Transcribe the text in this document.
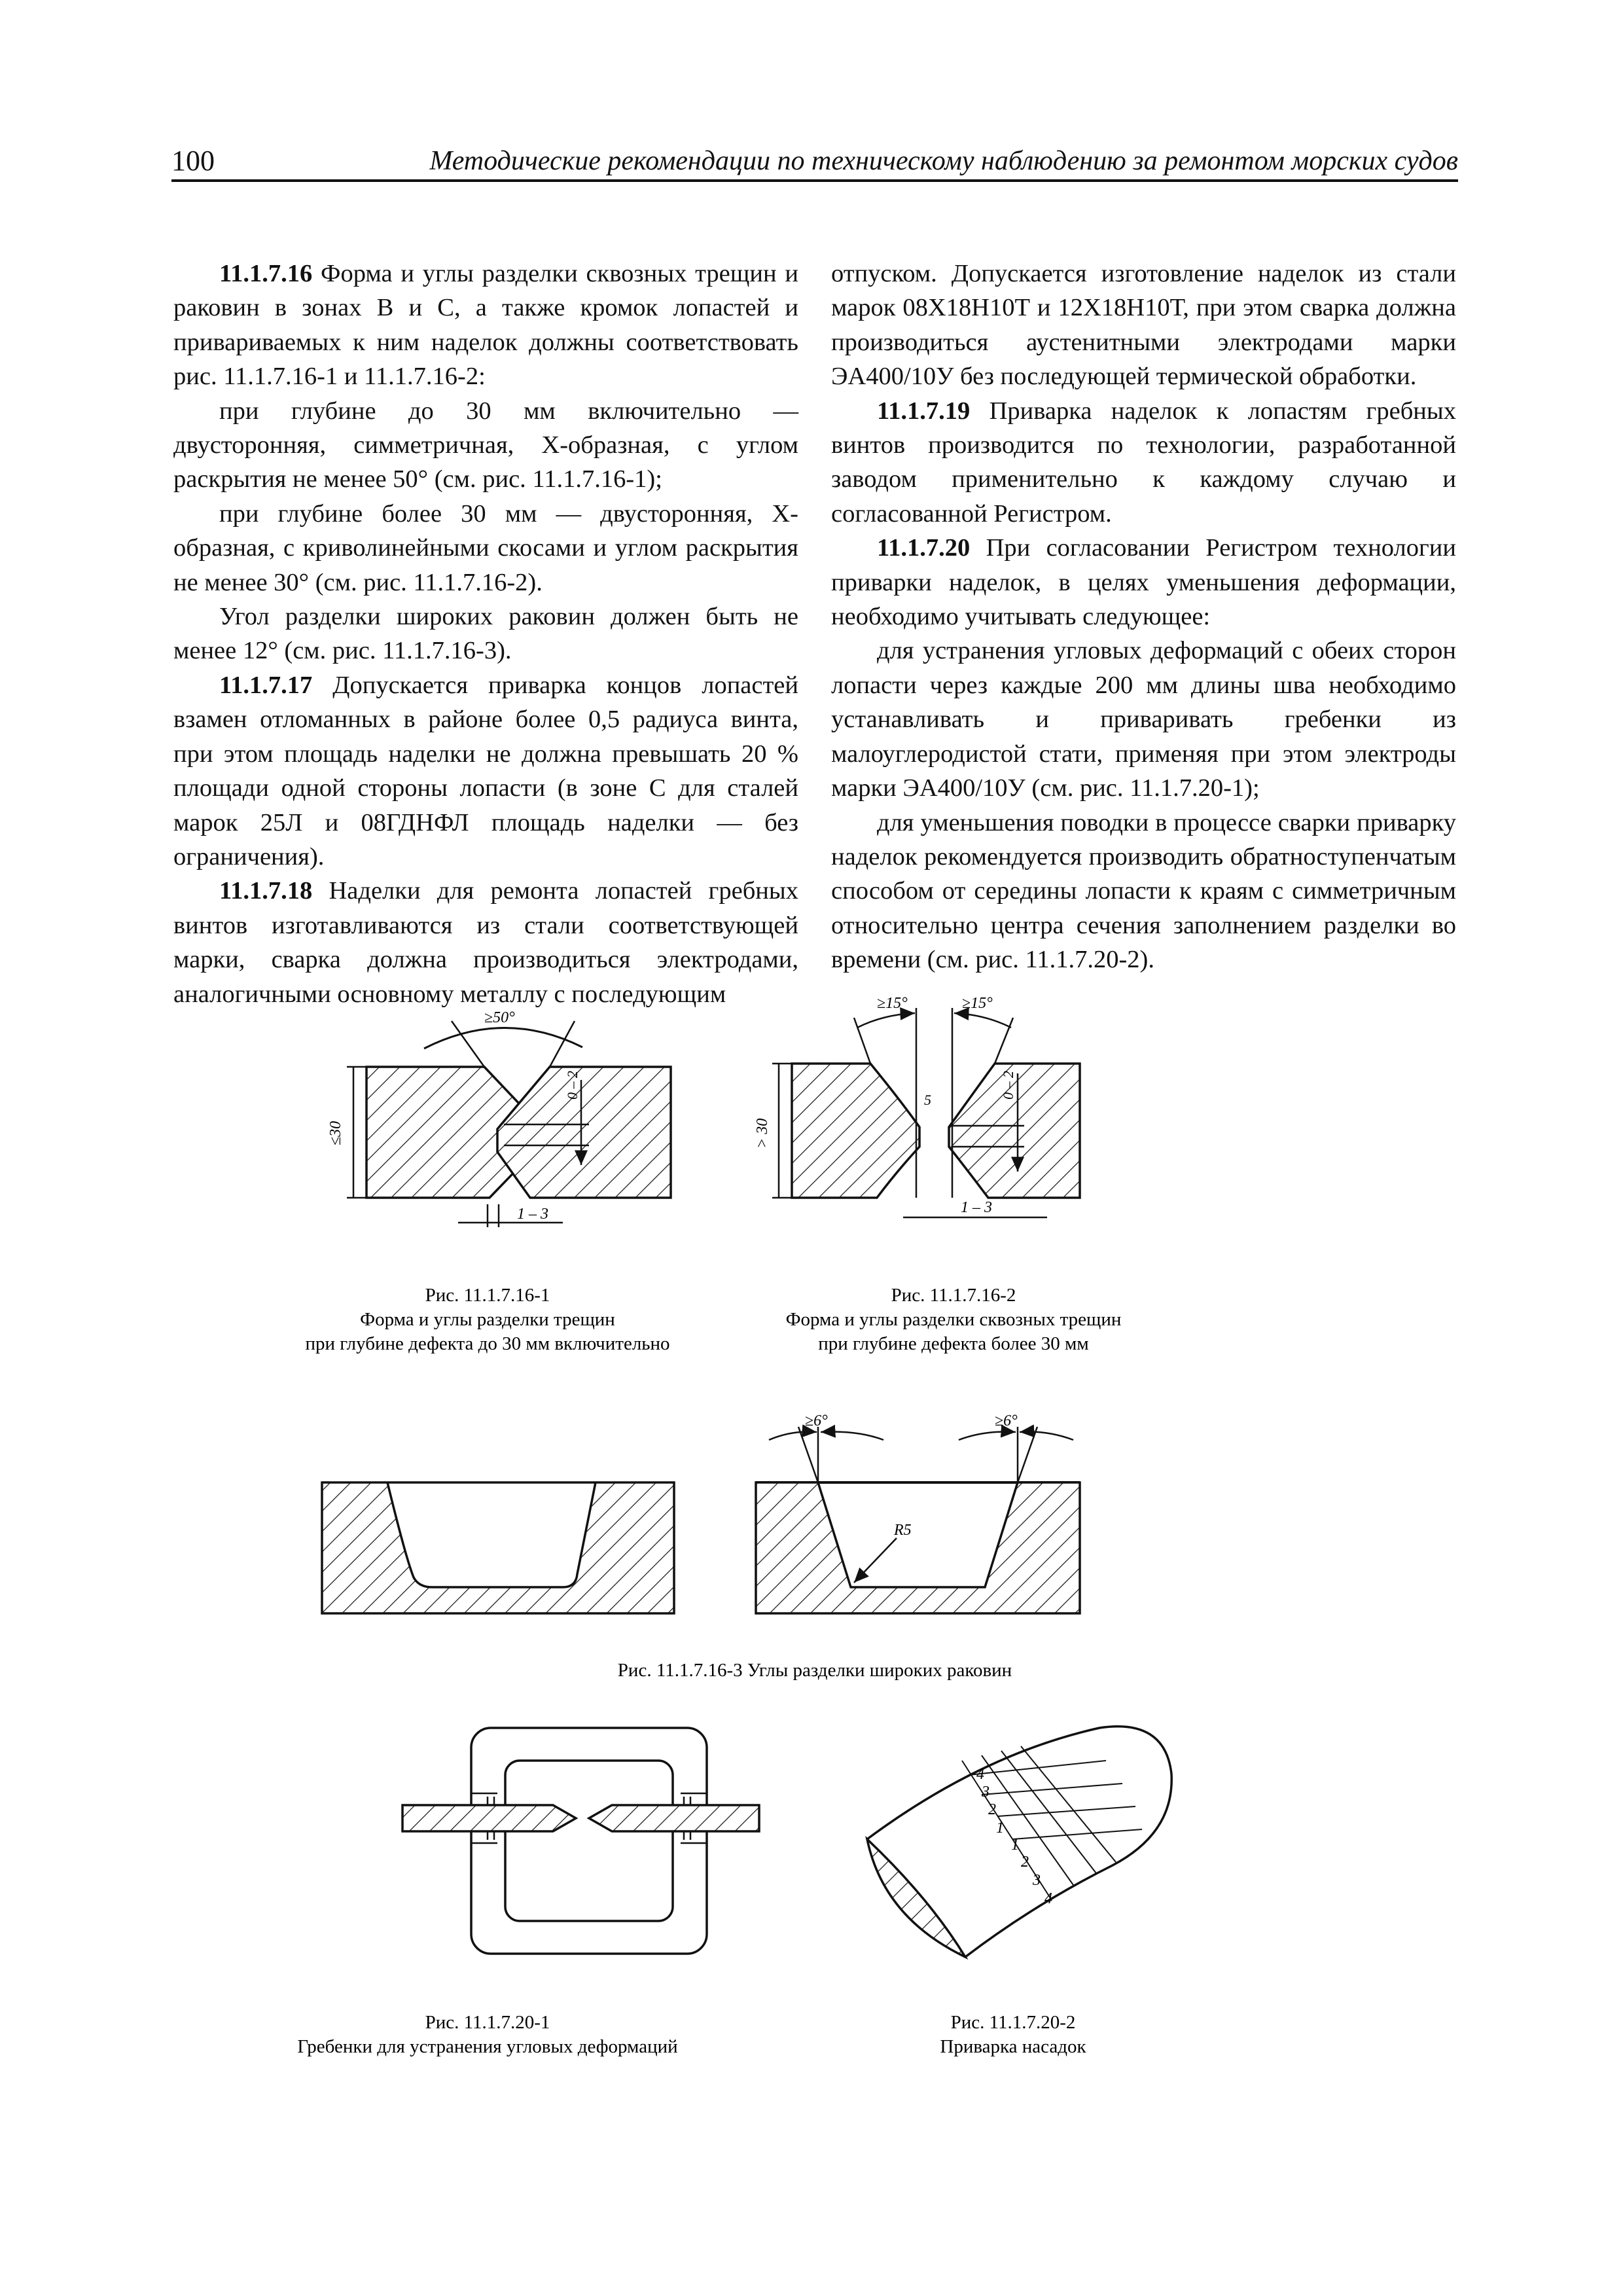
100	Методические рекомендации по техническому наблюдению за ремонтом морских судов

11.1.7.16 Форма и углы разделки сквозных трещин и раковин в зонах B и C, а также кромок лопастей и привариваемых к ним наделок должны соответствовать рис. 11.1.7.16-1 и 11.1.7.16-2:

при глубине до 30 мм включительно — двусторонняя, симметричная, X-образная, с углом раскрытия не менее 50° (см. рис. 11.1.7.16-1);

при глубине более 30 мм — двусторонняя, X-образная, с криволинейными скосами и углом раскрытия не менее 30° (см. рис. 11.1.7.16-2).

Угол разделки широких раковин должен быть не менее 12° (см. рис. 11.1.7.16-3).

11.1.7.17 Допускается приварка концов лопастей взамен отломанных в районе более 0,5 радиуса винта, при этом площадь наделки не должна превышать 20 % площади одной стороны лопасти (в зоне C для сталей марок 25Л и 08ГДНФЛ площадь наделки — без ограничения).

11.1.7.18 Наделки для ремонта лопастей гребных винтов изготавливаются из стали соответствующей марки, сварка должна производиться электродами, аналогичными основному металлу с последующим

отпуском. Допускается изготовление наделок из стали марок 08Х18Н10Т и 12Х18Н10Т, при этом сварка должна производиться аустенитными электродами марки ЭА400/10У без последующей термической обработки.

11.1.7.19 Приварка наделок к лопастям гребных винтов производится по технологии, разработанной заводом применительно к каждому случаю и согласованной Регистром.

11.1.7.20 При согласовании Регистром технологии приварки наделок, в целях уменьшения деформации, необходимо учитывать следующее:

для устранения угловых деформаций с обеих сторон лопасти через каждые 200 мм длины шва необходимо устанавливать и приваривать гребенки из малоуглеродистой стати, применяя при этом электроды марки ЭА400/10У (см. рис. 11.1.7.20-1);

для уменьшения поводки в процессе сварки приварку наделок рекомендуется производить обратноступенчатым способом от середины лопасти к краям с симметричным относительно центра сечения заполнением разделки во времени (см. рис. 11.1.7.20-2).

≥50°
≤30
0 – 2
1 – 3
≥15°	≥15°
> 30
5
0 – 2
1 – 3
Рис. 11.1.7.16-1
Форма и углы разделки трещин
при глубине дефекта до 30 мм включительно
Рис. 11.1.7.16-2
Форма и углы разделки сквозных трещин
при глубине дефекта более 30 мм
≥6°	≥6°
R5
Рис. 11.1.7.16-3 Углы разделки широких раковин
Рис. 11.1.7.20-1
Гребенки для устранения угловых деформаций
4
3
2
1
1
2
3
4
Рис. 11.1.7.20-2
Приварка насадок
